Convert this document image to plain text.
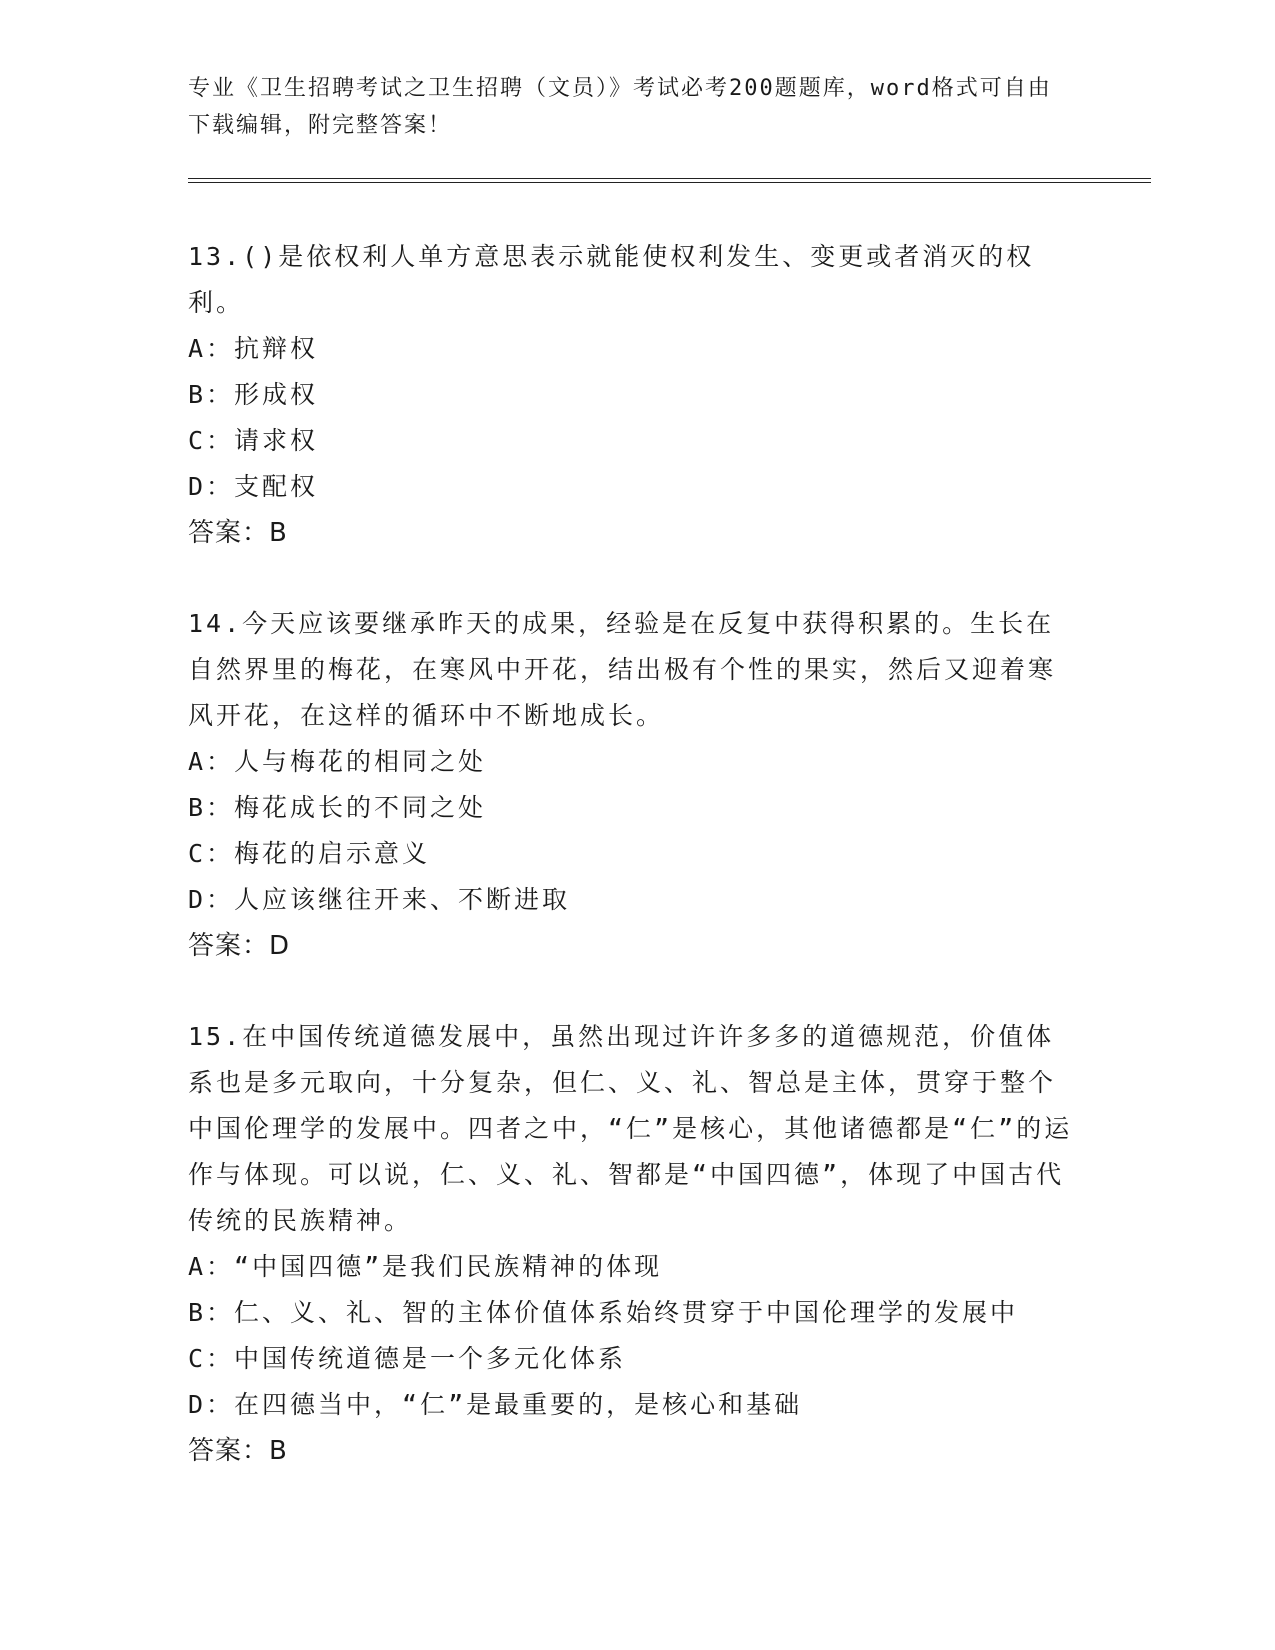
专业《卫生招聘考试之卫生招聘（文员）》考试必考200题题库，word格式可自由下载编辑，附完整答案！

13.()是依权利人单方意思表示就能使权利发生、变更或者消灭的权利。

A：抗辩权

B：形成权

C：请求权

D：支配权

答案：B

14.今天应该要继承昨天的成果，经验是在反复中获得积累的。生长在自然界里的梅花，在寒风中开花，结出极有个性的果实，然后又迎着寒风开花，在这样的循环中不断地成长。

A：人与梅花的相同之处

B：梅花成长的不同之处

C：梅花的启示意义

D：人应该继往开来、不断进取

答案：D

15.在中国传统道德发展中，虽然出现过许许多多的道德规范，价值体系也是多元取向，十分复杂，但仁、义、礼、智总是主体，贯穿于整个中国伦理学的发展中。四者之中，“仁”是核心，其他诸德都是“仁”的运作与体现。可以说，仁、义、礼、智都是“中国四德”，体现了中国古代传统的民族精神。

A：“中国四德”是我们民族精神的体现

B：仁、义、礼、智的主体价值体系始终贯穿于中国伦理学的发展中

C：中国传统道德是一个多元化体系

D：在四德当中，“仁”是最重要的，是核心和基础

答案：B
